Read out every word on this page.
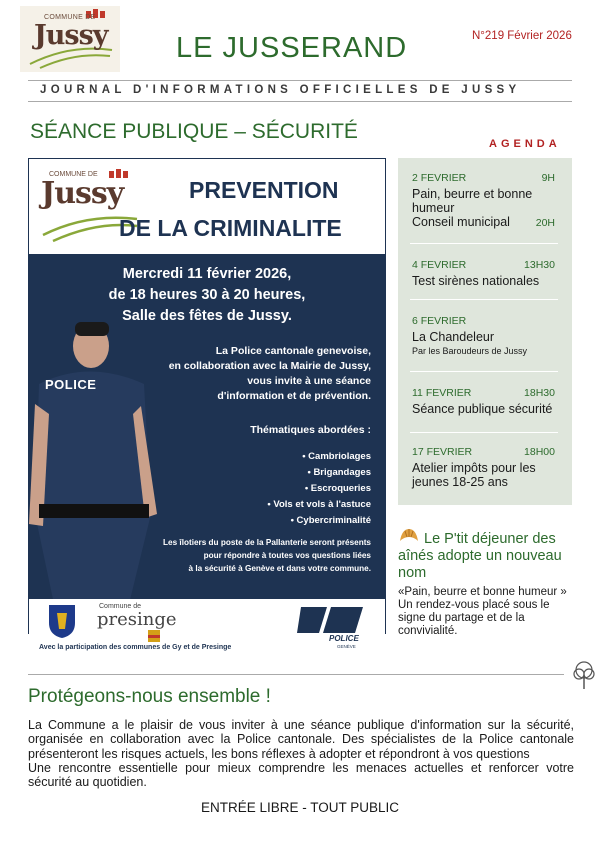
COMMUNE DE
Jussy LE JUSSERAND	N°219 Février 2026
JOURNAL D'INFORMATIONS OFFICIELLES DE JUSSY
SÉANCE PUBLIQUE – SÉCURITÉ
AGENDA
COMMUNE DE
Jussy	PREVENTION
DE LA CRIMINALITE
POLICE
Mercredi 11 février 2026,
de 18 heures 30 à 20 heures,
Salle des fêtes de Jussy.
La Police cantonale genevoise,
en collaboration avec la Mairie de Jussy,
vous invite à une séance
d'information et de prévention.
Thématiques abordées :
• Cambriolages
• Brigandages
• Escroqueries
• Vols et vols à l'astuce
• Cybercriminalité
Les îlotiers du poste de la Pallanterie seront présents
pour répondre à toutes vos questions liées
à la sécurité à Genève et dans votre commune.
Commune de
presinge
Avec la participation des communes de Gy et de Presinge
POLICE
GENÈVE
2 FEVRIER	9H
Pain, beurre et bonne humeur
Conseil municipal	20H
4 FEVRIER	13H30
Test sirènes nationales
6 FEVRIER
La Chandeleur
Par les Baroudeurs de Jussy
11 FEVRIER	18H30
Séance publique sécurité
17 FEVRIER	18H00
Atelier impôts pour les jeunes 18-25 ans
Le P'tit déjeuner des aînés adopte un nouveau nom
«Pain, beurre et bonne humeur » Un rendez-vous placé sous le signe du partage et de la convivialité.
Protégeons-nous ensemble !
La Commune a le plaisir de vous inviter à une séance publique d'information sur la sécurité, organisée en collaboration avec la Police cantonale. Des spécialistes de la Police cantonale présenteront les risques actuels, les bons réflexes à adopter et répondront à vos questions
Une rencontre essentielle pour mieux comprendre les menaces actuelles et renforcer votre sécurité au quotidien.
ENTRÉE LIBRE - TOUT PUBLIC
